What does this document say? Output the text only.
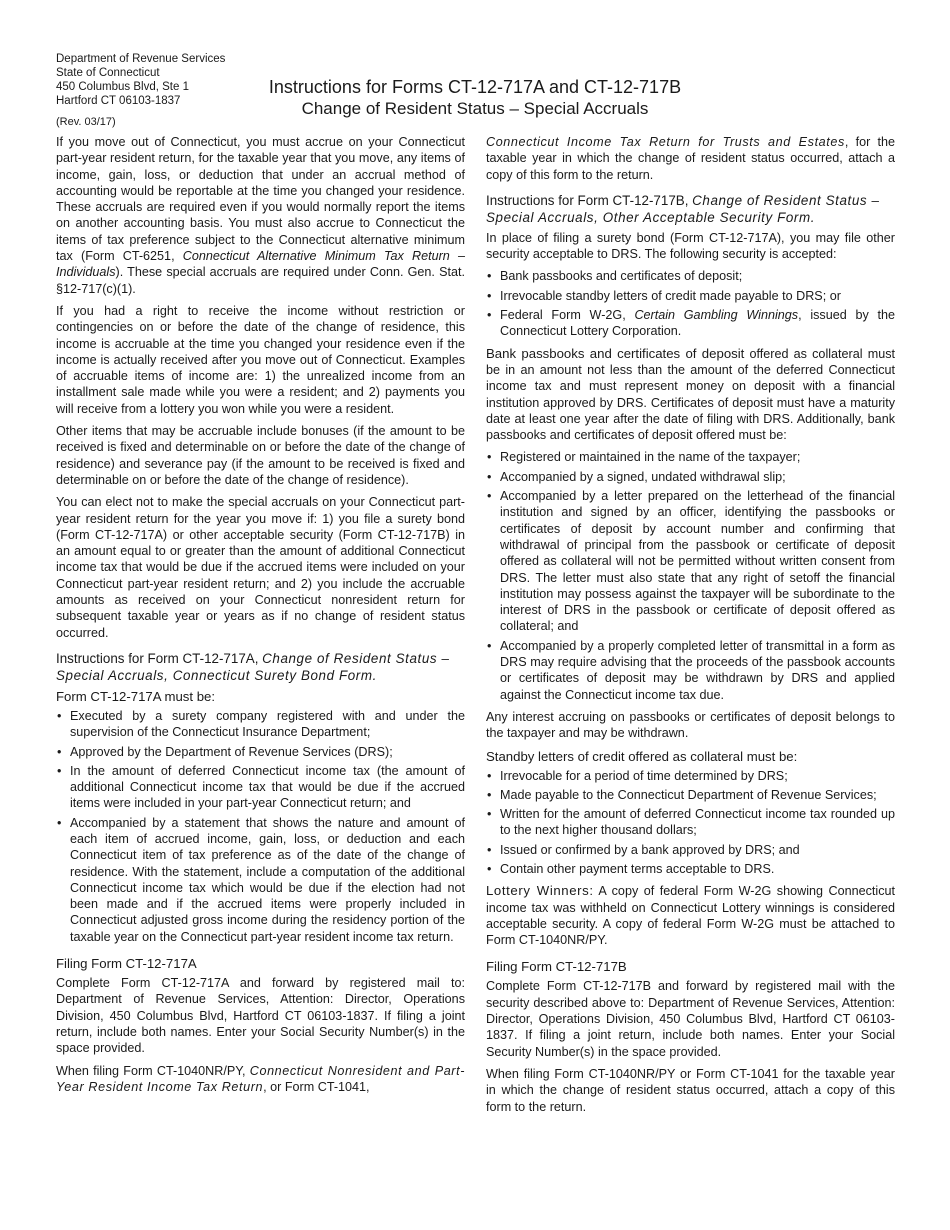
Department of Revenue Services
State of Connecticut
450 Columbus Blvd, Ste 1
Hartford CT 06103-1837
(Rev. 03/17)
Instructions for Forms CT-12-717A and CT-12-717B
Change of Resident Status – Special Accruals

If you move out of Connecticut, you must accrue on your Connecticut part-year resident return, for the taxable year that you move, any items of income, gain, loss, or deduction that under an accrual method of accounting would be reportable at the time you changed your residence. These accruals are required even if you would normally report the items on another accounting basis. You must also accrue to Connecticut the items of tax preference subject to the Connecticut alternative minimum tax (Form CT-6251, Connecticut Alternative Minimum Tax Return – Individuals). These special accruals are required under Conn. Gen. Stat. §12-717(c)(1).

If you had a right to receive the income without restriction or contingencies on or before the date of the change of residence, this income is accruable at the time you changed your residence even if the income is actually received after you move out of Connecticut. Examples of accruable items of income are: 1) the unrealized income from an installment sale made while you were a resident; and 2) payments you will receive from a lottery you won while you were a resident.

Other items that may be accruable include bonuses (if the amount to be received is fixed and determinable on or before the date of the change of residence) and severance pay (if the amount to be received is fixed and determinable on or before the date of the change of residence).

You can elect not to make the special accruals on your Connecticut part-year resident return for the year you move if: 1) you file a surety bond (Form CT-12-717A) or other acceptable security (Form CT-12-717B) in an amount equal to or greater than the amount of additional Connecticut income tax that would be due if the accrued items were included on your Connecticut part-year resident return; and 2) you include the accruable amounts as received on your Connecticut nonresident return for subsequent taxable year or years as if no change of resident status occurred.

Instructions for Form CT-12-717A, Change of Resident Status – Special Accruals, Connecticut Surety Bond Form.
Form CT-12-717A must be:
• Executed by a surety company registered with and under the supervision of the Connecticut Insurance Department;
• Approved by the Department of Revenue Services (DRS);
• In the amount of deferred Connecticut income tax (the amount of additional Connecticut income tax that would be due if the accrued items were included in your part-year Connecticut return; and
• Accompanied by a statement that shows the nature and amount of each item of accrued income, gain, loss, or deduction and each Connecticut item of tax preference as of the date of the change of residence. With the statement, include a computation of the additional Connecticut income tax which would be due if the election had not been made and if the accrued items were properly included in Connecticut adjusted gross income during the residency portion of the taxable year on the Connecticut part-year resident income tax return.
Filing Form CT-12-717A

Complete Form CT-12-717A and forward by registered mail to: Department of Revenue Services, Attention: Director, Operations Division, 450 Columbus Blvd, Hartford CT 06103-1837. If filing a joint return, include both names. Enter your Social Security Number(s) in the space provided.

When filing Form CT-1040NR/PY, Connecticut Nonresident and Part-Year Resident Income Tax Return, or Form CT-1041,

Connecticut Income Tax Return for Trusts and Estates, for the taxable year in which the change of resident status occurred, attach a copy of this form to the return.

Instructions for Form CT-12-717B, Change of Resident Status – Special Accruals, Other Acceptable Security Form.

In place of filing a surety bond (Form CT-12-717A), you may file other security acceptable to DRS. The following security is accepted:

• Bank passbooks and certificates of deposit;
• Irrevocable standby letters of credit made payable to DRS; or
• Federal Form W-2G, Certain Gambling Winnings, issued by the Connecticut Lottery Corporation.

Bank passbooks and certificates of deposit offered as collateral must be in an amount not less than the amount of the deferred Connecticut income tax and must represent money on deposit with a financial institution approved by DRS. Certificates of deposit must have a maturity date at least one year after the date of filing with DRS. Additionally, bank passbooks and certificates of deposit offered must be:

• Registered or maintained in the name of the taxpayer;
• Accompanied by a signed, undated withdrawal slip;
• Accompanied by a letter prepared on the letterhead of the financial institution and signed by an officer, identifying the passbooks or certificates of deposit by account number and confirming that withdrawal of principal from the passbook or certificate of deposit offered as collateral will not be permitted without written consent from DRS. The letter must also state that any right of setoff the financial institution may possess against the taxpayer will be subordinate to the interest of DRS in the passbook or certificate of deposit offered as collateral; and
• Accompanied by a properly completed letter of transmittal in a form as DRS may require advising that the proceeds of the passbook accounts or certificates of deposit may be withdrawn by DRS and applied against the Connecticut income tax due.

Any interest accruing on passbooks or certificates of deposit belongs to the taxpayer and may be withdrawn.

Standby letters of credit offered as collateral must be:
• Irrevocable for a period of time determined by DRS;
• Made payable to the Connecticut Department of Revenue Services;
• Written for the amount of deferred Connecticut income tax rounded up to the next higher thousand dollars;
• Issued or confirmed by a bank approved by DRS; and
• Contain other payment terms acceptable to DRS.

Lottery Winners: A copy of federal Form W-2G showing Connecticut income tax was withheld on Connecticut Lottery winnings is considered acceptable security. A copy of federal Form W-2G must be attached to Form CT-1040NR/PY.

Filing Form CT-12-717B

Complete Form CT-12-717B and forward by registered mail with the security described above to: Department of Revenue Services, Attention: Director, Operations Division, 450 Columbus Blvd, Hartford CT 06103-1837. If filing a joint return, include both names. Enter your Social Security Number(s) in the space provided.

When filing Form CT-1040NR/PY or Form CT-1041 for the taxable year in which the change of resident status occurred, attach a copy of this form to the return.
